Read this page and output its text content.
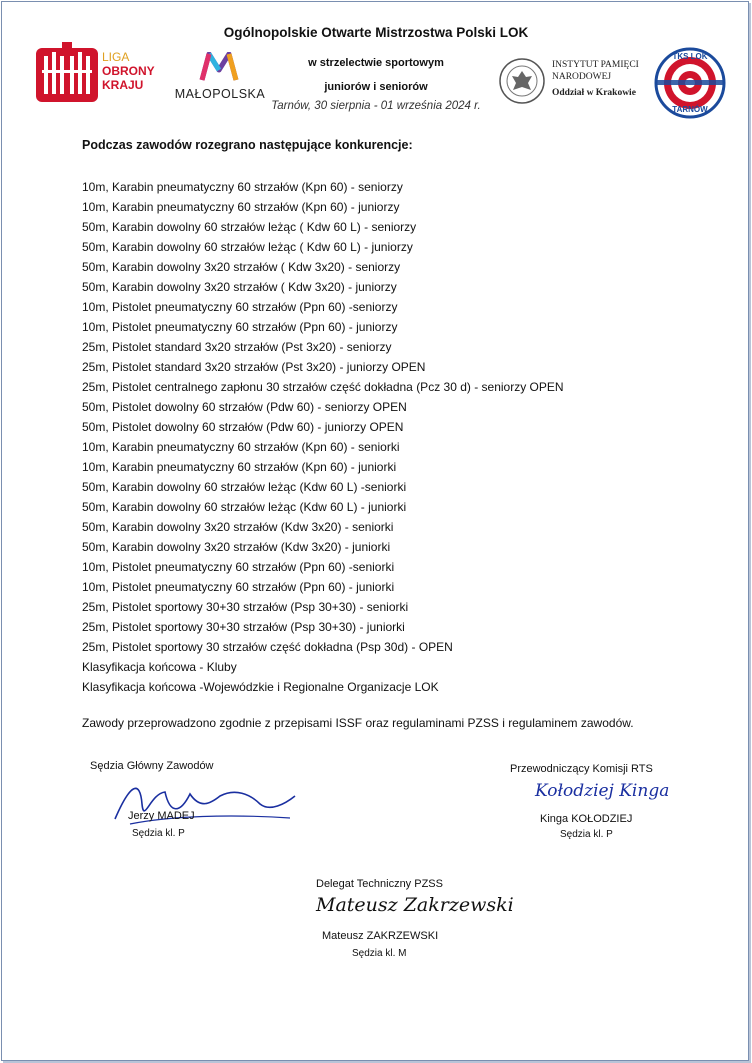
LIGA
OBRONY
KRAJU
MAŁOPOLSKA
INSTYTUT PAMIĘCI
NARODOWEJ
Oddział w Krakowie
TKS LOK
TARNÓW
Ogólnopolskie Otwarte Mistrzostwa Polski LOK
w strzelectwie sportowym
juniorów i seniorów
Tarnów, 30 sierpnia - 01 września 2024 r.
Podczas zawodów rozegrano następujące konkurencje:
10m, Karabin pneumatyczny 60 strzałów (Kpn 60) - seniorzy
10m, Karabin pneumatyczny 60 strzałów (Kpn 60) - juniorzy
50m, Karabin dowolny 60 strzałów leżąc ( Kdw 60 L) - seniorzy
50m, Karabin dowolny 60 strzałów leżąc ( Kdw 60 L) - juniorzy
50m, Karabin dowolny 3x20 strzałów ( Kdw 3x20) - seniorzy
50m, Karabin dowolny 3x20 strzałów ( Kdw 3x20) - juniorzy
10m, Pistolet pneumatyczny 60 strzałów (Ppn 60) -seniorzy
10m, Pistolet pneumatyczny 60 strzałów (Ppn 60) - juniorzy
25m, Pistolet standard 3x20 strzałów (Pst 3x20) - seniorzy
25m, Pistolet standard 3x20 strzałów (Pst 3x20) - juniorzy OPEN
25m, Pistolet centralnego zapłonu 30 strzałów część dokładna (Pcz 30 d) - seniorzy OPEN
50m, Pistolet dowolny 60 strzałów (Pdw 60) - seniorzy OPEN
50m, Pistolet dowolny 60 strzałów (Pdw 60) - juniorzy OPEN
10m, Karabin pneumatyczny 60 strzałów (Kpn 60) - seniorki
10m, Karabin pneumatyczny 60 strzałów (Kpn 60) - juniorki
50m, Karabin dowolny 60 strzałów leżąc (Kdw 60 L) -seniorki
50m, Karabin dowolny 60 strzałów leżąc (Kdw 60 L) - juniorki
50m, Karabin dowolny 3x20 strzałów (Kdw 3x20) - seniorki
50m, Karabin dowolny 3x20 strzałów (Kdw 3x20) - juniorki
10m, Pistolet pneumatyczny 60 strzałów (Ppn 60) -seniorki
10m, Pistolet pneumatyczny 60 strzałów (Ppn 60) - juniorki
25m, Pistolet sportowy 30+30 strzałów (Psp 30+30) - seniorki
25m, Pistolet sportowy 30+30 strzałów (Psp 30+30) - juniorki
25m, Pistolet sportowy 30 strzałów część dokładna (Psp 30d) - OPEN
Klasyfikacja końcowa - Kluby
Klasyfikacja końcowa -Wojewódzkie i Regionalne Organizacje LOK
Zawody przeprowadzono zgodnie z przepisami ISSF oraz regulaminami PZSS i regulaminem zawodów.
Sędzia Główny Zawodów
Jerzy MADEJ
Sędzia kl. P
Przewodniczący Komisji RTS
Kołodziej Kinga
Kinga KOŁODZIEJ
Sędzia kl. P
Delegat Techniczny PZSS
Mateusz Zakrzewski
Mateusz ZAKRZEWSKI
Sędzia kl. M
